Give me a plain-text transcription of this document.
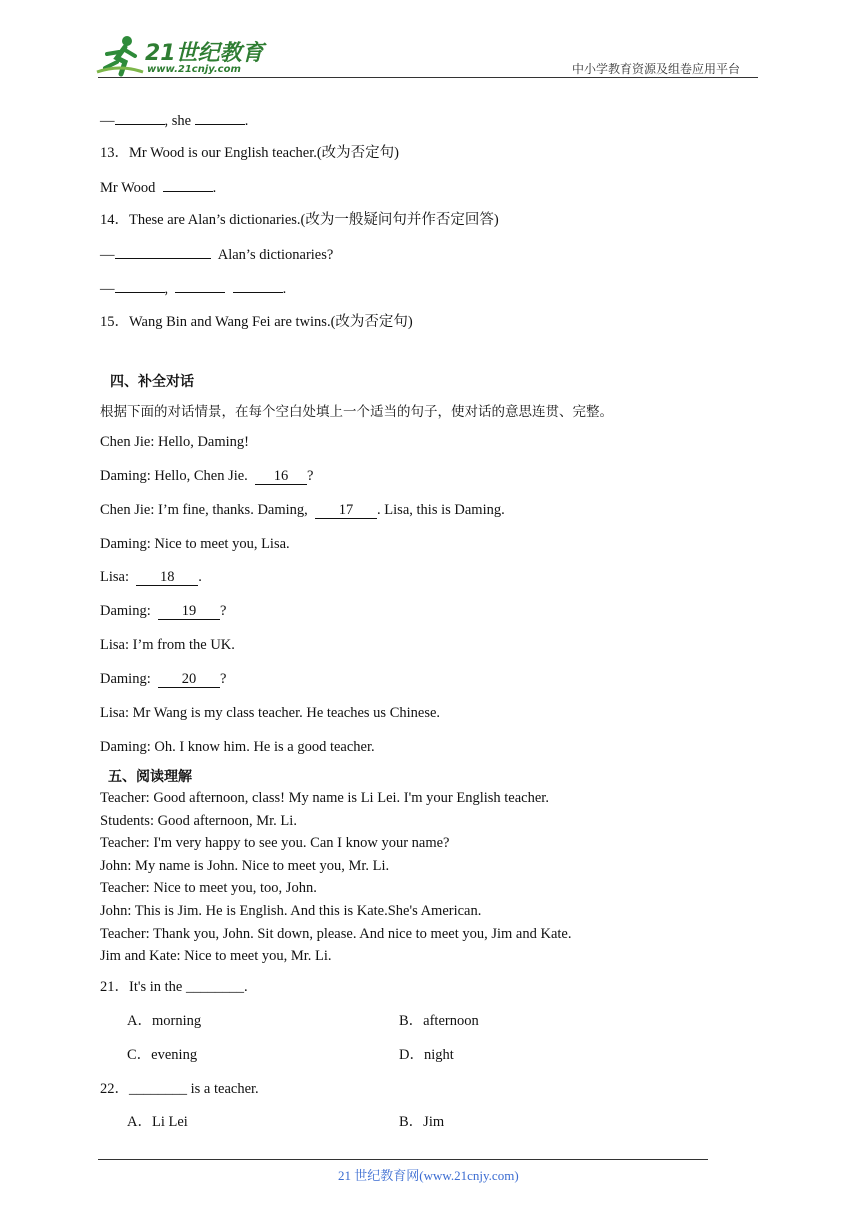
21世纪教育
www.21cnjy.com	中小学教育资源及组卷应用平台
—	, she	.
13．Mr Wood is our English teacher.(改为否定句)
Mr Wood	.
14．These are Alan’s dictionaries.(改为一般疑问句并作否定回答)
—	Alan’s dictionaries?
—	,	.
15．Wang Bin and Wang Fei are twins.(改为否定句)
四、补全对话
根据下面的对话情景，在每个空白处填上一个适当的句子，使对话的意思连贯、完整。
Chen Jie: Hello, Daming!
Daming: Hello, Chen Jie. 16 ?
Chen Jie: I’m fine, thanks. Daming, 17 . Lisa, this is Daming.
Daming: Nice to meet you, Lisa.
Lisa: 18 .
Daming: 19 ?
Lisa: I’m from the UK.
Daming: 20 ?
Lisa: Mr Wang is my class teacher. He teaches us Chinese.
Daming: Oh. I know him. He is a good teacher.
五、阅读理解
Teacher: Good afternoon, class! My name is Li Lei. I'm your English teacher.
Students: Good afternoon, Mr. Li.
Teacher: I'm very happy to see you. Can I know your name?
John: My name is John. Nice to meet you, Mr. Li.
Teacher: Nice to meet you, too, John.
John: This is Jim. He is English. And this is Kate.She's American.
Teacher: Thank you, John. Sit down, please. And nice to meet you, Jim and Kate.
Jim and Kate: Nice to meet you, Mr. Li.
21．It's in the ________.
A．morning	B．afternoon
C．evening	D．night
22．________ is a teacher.
A．Li Lei	B．Jim
21 世纪教育网(www.21cnjy.com)
